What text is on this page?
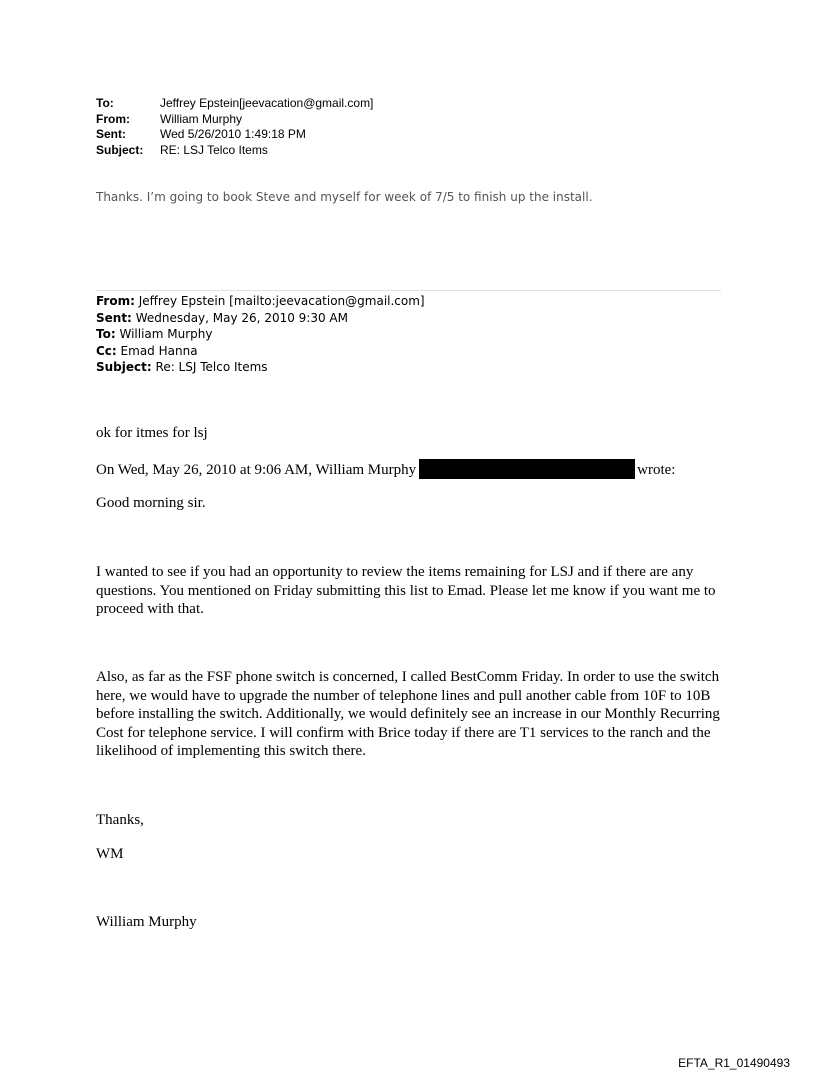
To:	Jeffrey Epstein[jeevacation@gmail.com]
From:	William Murphy
Sent:	Wed 5/26/2010 1:49:18 PM
Subject:	RE: LSJ Telco Items
Thanks. I’m going to book Steve and myself for week of 7/5 to finish up the install.
From: Jeffrey Epstein [mailto:jeevacation@gmail.com]
Sent: Wednesday, May 26, 2010 9:30 AM
To: William Murphy
Cc: Emad Hanna
Subject: Re: LSJ Telco Items
ok for itmes for lsj
On Wed, May 26, 2010 at 9:06 AM, William Murphy	wrote:
Good morning sir.
I wanted to see if you had an opportunity to review the items remaining for LSJ and if there are any questions. You mentioned on Friday submitting this list to Emad. Please let me know if you want me to proceed with that.
Also, as far as the FSF phone switch is concerned, I called BestComm Friday. In order to use the switch here, we would have to upgrade the number of telephone lines and pull another cable from 10F to 10B before installing the switch. Additionally, we would definitely see an increase in our Monthly Recurring Cost for telephone service. I will confirm with Brice today if there are T1 services to the ranch and the likelihood of implementing this switch there.
Thanks,
WM
William Murphy
EFTA_R1_01490493
